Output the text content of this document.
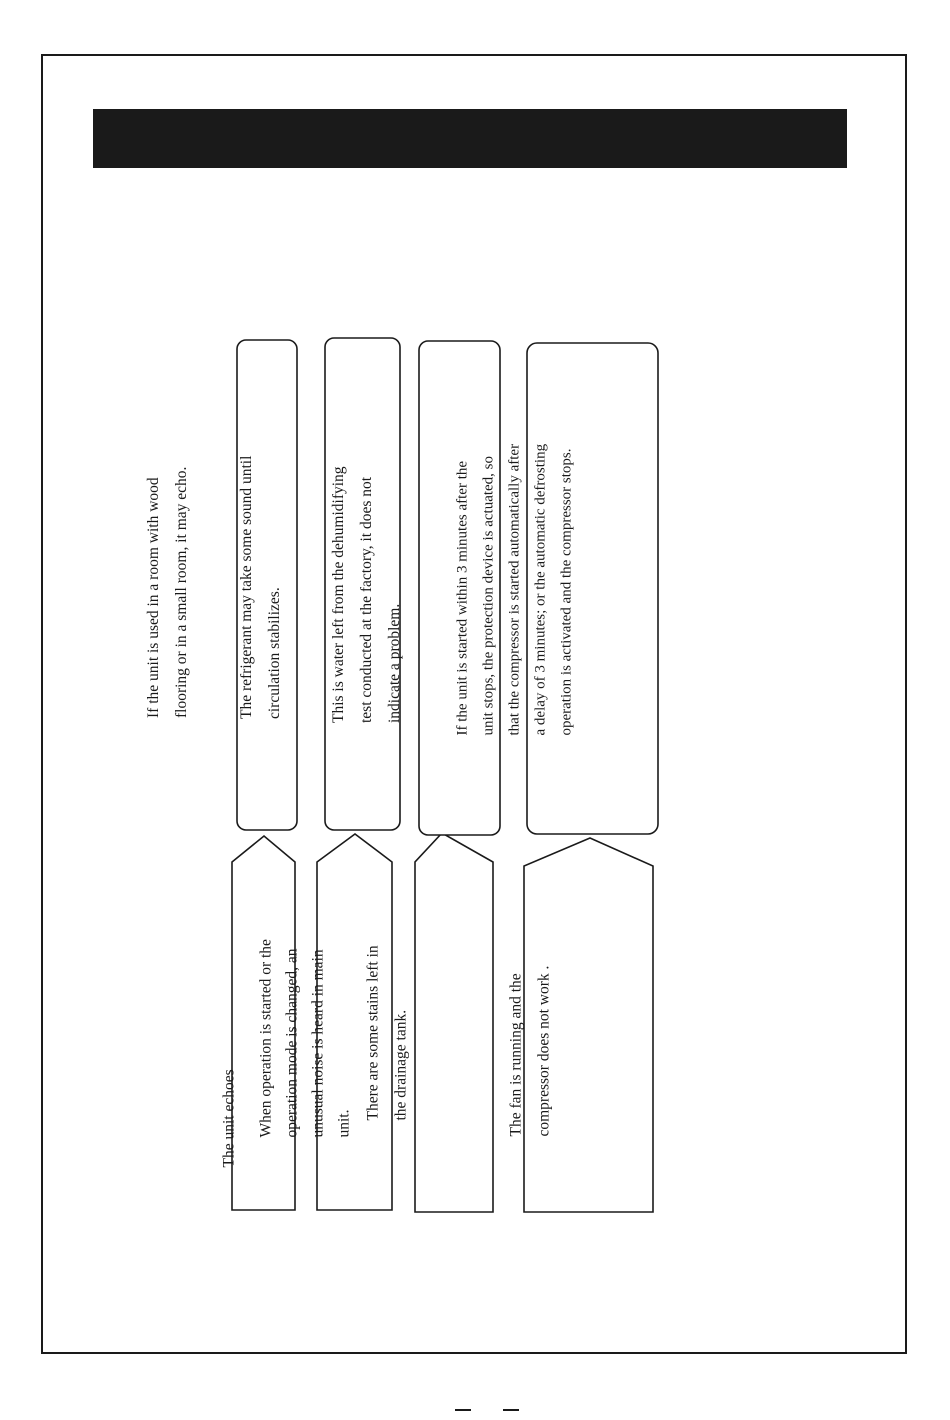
The unit echoes
If the unit is used in a room with wood flooring or in a small room, it may echo.
When operation is started or the operation mode is changed, an unusual noise is heard in main unit.
The refrigerant may take some sound until circulation stabilizes.
There are some stains left in the drainage tank.
This is water left from the dehumidifying test conducted at the factory, it does not indicate a problem.
The fan is running and the compressor does not work .
If the unit is started within 3 minutes after the unit stops, the protection device is actuated, so that the compressor is started automatically after a delay of 3 minutes; or the automatic defrosting operation is activated and the compressor stops.
